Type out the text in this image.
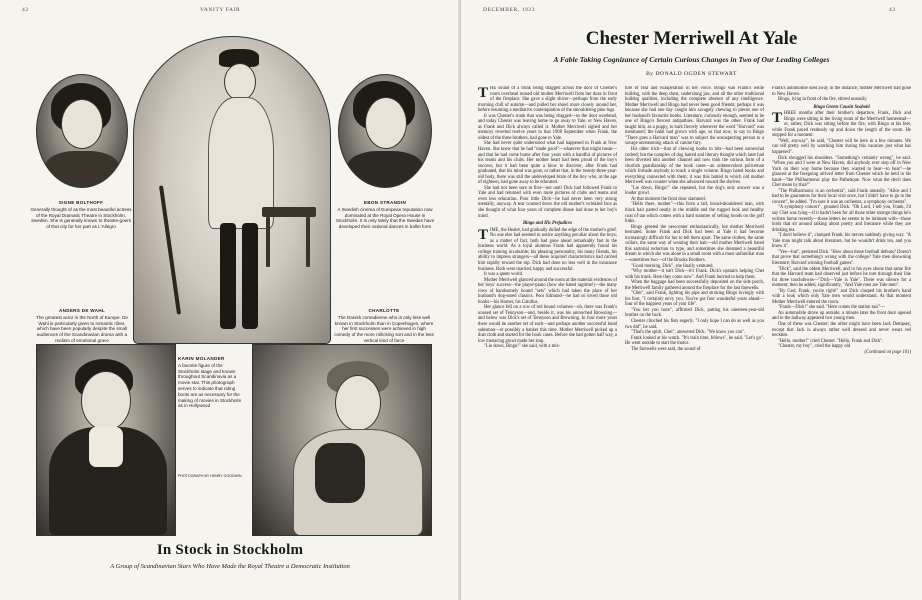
42	VANITY FAIR
SIGNE BOLTHOFF
Generally thought of as the most beautiful actress of the Royal Dramatic Theatre in Stockholm, Sweden. She is generally known to theatre-goers of that city for her part as L'Allegro
EBON STRANDIN
A Swedish cinema of European reputation now dominated at the Royal Opera House in Stockholm. It is only lately that the Swedes have developed their national dances in ballet form
ANDERS DE WAHL
The greatest actor in the North of Europe. De Wahl is particularly given to romantic rôles, which have been popularly despite the small audiences of the Scandinavian drama with a realism of emotional grace
CHARLOTTE
The Danish comedienne who is only less well known in Stockholm than in Copenhagen, where her first successes were achieved in high comedy of the more rollicking sort and in the less vertical kind of farce
KARIN MOLANDER
A favorite figure of the Stockholm stage and known throughout Scandinavia as a movie star. This photograph serves to indicate that riding boots are as necessary for the making of movies in Stockholm as in Hollywood
PHOTOGRAPH BY HENRY GOODWIN
In Stock in Stockholm
A Group of Scandinavian Stars Who Have Made the Royal Theatre a Democratic Institution
DECEMBER, 1923	43
Chester Merriwell At Yale
A Fable Taking Cognizance of Certain Curious Changes in Two of Our Leading Colleges
By DONALD OGDEN STEWART

THE sound of a trunk being dragged across the door of Chester's room overhead roused old mother Merriwell from her doze in front of the fireplace. She gave a slight shiver—perhaps from the early morning chill of autumn—and pulled her shawl more closely around her, before resuming a meditative contemplation of the smouldering pine logs.

It was Chester's trunk that was being dragged—so the door overhead, and today Chester was leaving home to go away to Yale, or New Haven, as Frank and Dick always called it. Mother Merriwell sighed and her memory reverted twelve years to that 1908 September when Frank, the oldest of the three brothers, had gone to Yale.

She had never quite understood what had happened to Frank at New Haven. She knew that he had "made good"—whatever that might mean—and that he had come home after four years with a handful of pictures of his teams and his clubs. Her mother heart had been proud of the boy's success; but it had been quite a blow to discover, after Frank had graduated, that his mind was gone, or rather that, in the twenty-three-year-old body, there was still the undeveloped brain of the boy who, at the age of eighteen, had gone away to be educated.

She had not been sure at first—not until Dick had followed Frank to Yale and had returned with even more pictures of clubs and teams and even less education. Poor little Dick—he had never been very strong mentally, anyway. A tear coursed down the old mother's wrinkled face as she thought of what four years of complete disuse had done to her boy's mind.

Bingo and His Prejudices

TIME, the Healer, had gradually dulled the edge of the mother's grief. No one else had seemed to notice anything peculiar about the boys; as a matter of fact, both had gone ahead remarkably fast in the business world. As a loyal alumnus Frank had apparently found his college training invaluable; his pleasing personality, his many friends, his ability to impress strangers—all these acquired characteristics had carried him rapidly toward the top. Dick had done no less well in the insurance business. Both were married, happy and successful.

It was a queer world.

Mother Merriwell glanced around the room at the material evidences of her boys' success—the player-piano (how she hated ragtime!)—the many rows of handsomely bound "sets" which had taken the place of her husband's dog-eared classics. Poor Edmund—he had so loved those old books—his Homer, his Catullus.

Her glance fell on a row of red bound volumes—oh, there was Frank's unused set of Tennyson—and, beside it, was his untouched Browning—and below was Dick's set of Tennyson and Browning. In four more years there would be another set of each—and perhaps another successful bond salesman—or possibly a banker this time. Mother Merriwell picked up a dust cloth and started for the book cases. Before she had gotten half way, a low menacing growl made her stop.

"Lie down, Bingo!" she said, with a mix-

ture of fear and exasperation in her voice. Bingo was Frank's white bulldog, with the deep chest, underslung jaw, and all the other traditional bulldog qualities, including the complete absence of any intelligence. Mother Merriwell and Bingo had never been good friends; perhaps it was because she had one day caught him savagely chewing to pieces one of her husband's favourite books. Literature, curiously enough, seemed to be one of Bingo's fiercest antipathies. Harvard was the other. Frank had taught him, as a puppy, to bark fiercely whenever the word "Harvard" was mentioned; the habit had grown with age, so that now, to say to Bingo "There goes a Harvard man" was to subject the unsuspecting person to a savage unreasoning attack of canine fury.

His other trick—that of chewing books to bits—had been somewhat curbed; but the complex of dog hatred and literary thought which later had been diverted into another channel and now took the curious form of a churlish guardianship of the book cases—an unbenevolent policeman which forbade anybody to touch a single volume. Bingo hated books and everything connected with them; it was this hatred to which old mother Merriwell was counter when she advanced toward the shelves.

"Lie down, Bingo!" she repeated, but the dog's only answer was a louder growl.

At that moment the front door slammed.

"Hello there, mother"—this from a tall, broad-shouldered man, with black hair parted neatly in the middle and the rugged look and healthy coat of tan which comes with a hard summer of selling bonds on the golf links.

Bingo greeted the newcomer enthusiastically, but mother Merriwell hesitated. Some Frank and Dick had been at Yale it had become increasingly difficult for her to tell them apart. The same clothes, the same collars, the same way of wearing their hair—old mother Merriwell hated this sartorial reduction to type, and sometimes she dreamed a beautiful dream in which she was alone in a small room with a most unfamiliar man—sometimes two—of the Brooks Brothers.

"Good morning, Dick", she finally ventured.

"Why mother—it isn't Dick—it's Frank. Dick's upstairs helping Chet with his trunk. Here they come now". And Frank hurried to help them.

When the baggage had been successfully deposited on the side porch, the Merriwell family gathered around the fireplace for the last farewells.

"Chet", said Frank, lighting his pipe and stroking Bingo lovingly with his foot, "I certainly envy you. You've got four wonderful years ahead—four of the happiest years of your life".

"You bet you have", affirmed Dick, patting his nineteen-year-old brother on the back.

Chester clinched his fists eagerly. "I only hope I can do as well as you two did", he said.

"That's the spirit, Chet", answered Dick. "We know you can".

Frank looked at his watch. "It's train time, fellows", he said. "Let's go". He went outside to start the motor.

The farewells were said, the sound of

Frank's automobile died away in the distance; mother Merriwell had gone to New Haven.

Bingo, lying in front of the fire, stirred uneasily.

Bingo Greets Cousin Seabold

THREE months after their brother's departure, Frank, Dick and Bingo were sitting in the living room of the Merriwell homestead—or, rather, Dick was sitting before the fire, with Bingo at his feet, while Frank paced restlessly up and down the length of the room. He stopped for a moment.

"Well, anyway", he said, "Chester will be here in a few minutes. We can tell pretty well by watching him during this vacation just what has happened".

Dick shrugged his shoulders. "Something's certainly wrong", he said. "When you and I were at New Haven, did anybody ever step off in New York on their way home because they wanted to hear—to hear"—he glanced at the foregoing arrived letter from Chester which he held in his hand—"the Philharmonic play the Pathetique. Now what the devil does Chet mean by that?"

"The Philharmonic is an orchestra", said Frank uneasily. "Alice and I had to be guarantors for their local visit once, but I didn't have to go to the concert", he added. "I'm sure it was an orchestra, a symphony orchestra".

"A symphony concert", groaned Dick. "Oh Lord, I tell you, Frank, I'd say Chet was lying—if it hadn't been for all those other strange things he's written home recently—those letters he seems to be intimate with—those birds that sit around talking about poetry and literature while they are drinking tea.

"I don't believe it", clamped Frank; his nerves suddenly giving way. "A Yale man might talk about literature, but he wouldn't drink tea, and you know it".

"Yes—but", persisted Dick. "How about those football defeats? Doesn't that prove that something's wrong with the college? Yale men disowning literature; Harvard winning football games".

"Dick", said the oldest Merriwell, and in his eyes shone that same fire that the Harvard team had observed just before he tore through their line for three touchdowns—"Dick—Yale is Yale". There was silence for a moment; then he added, significantly, "And Yale men are Yale men".

"By God, Frank, you're right!" and Dick clasped his brother's hand with a look which only Yale men would understand. At that moment Mother Merriwell entered the room.

"Frank—Dick!" she said. "Here comes the station taxi"—

An automobile drove up outside; a minute later the front door opened and in the hallway appeared two young men.

One of these was Chester; the other might have been Jack Dempsey, except that Jack is always rather well dressed and never wears red neckties.

"Hello, mother!" cried Chester. "Hello, Frank and Dick".

"Chester, my boy", cried the happy old

(Continued on page 101)
